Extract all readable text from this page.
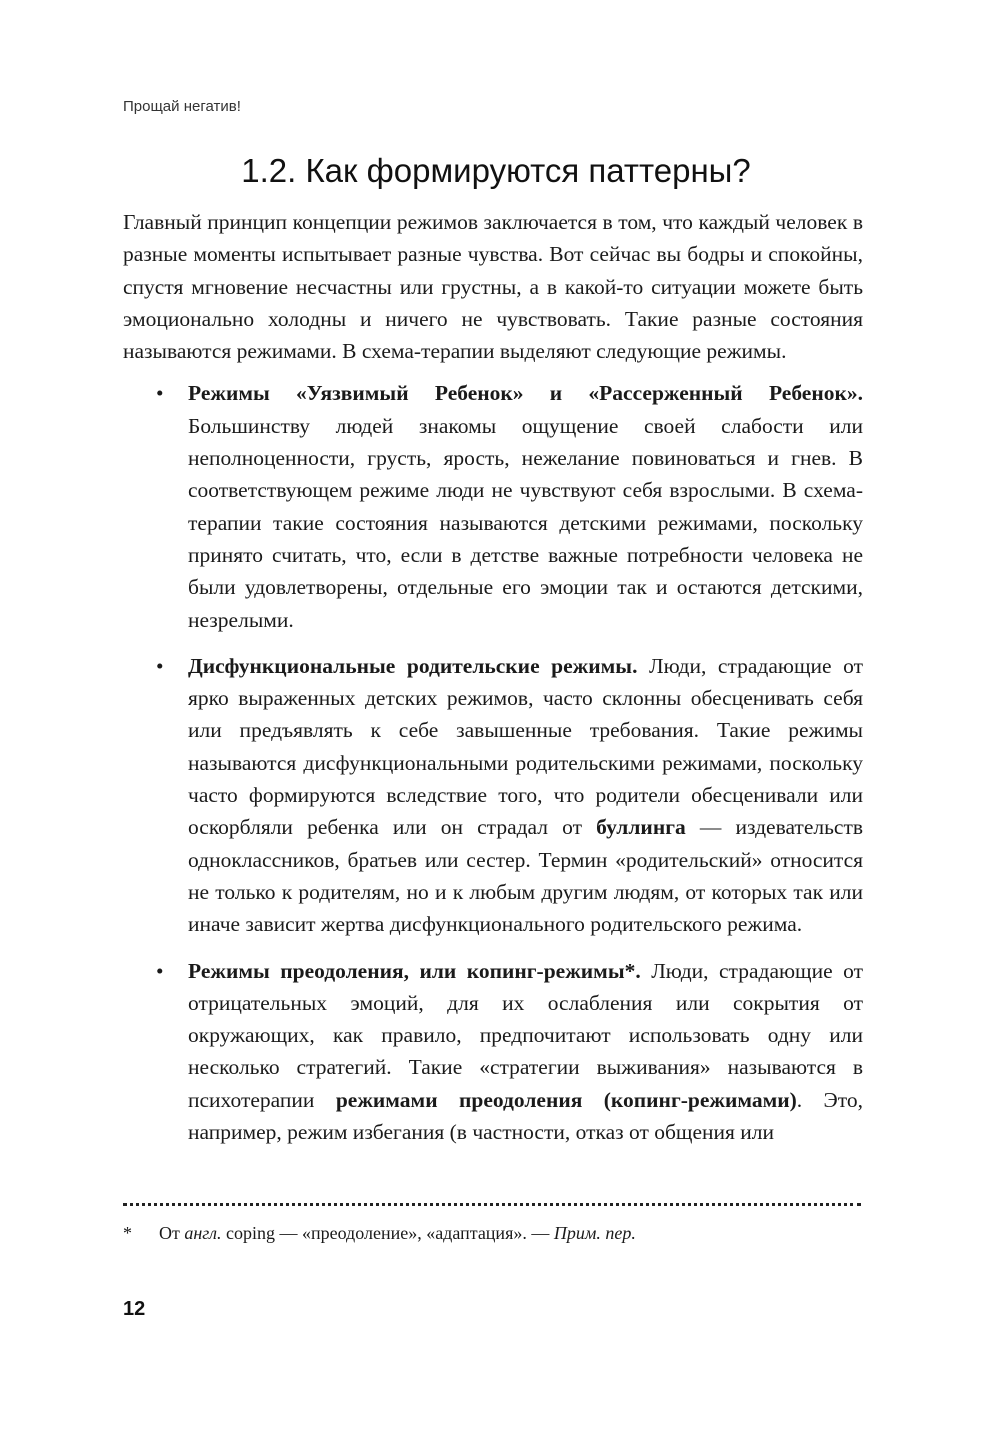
Прощай негатив!
1.2. Как формируются паттерны?

Главный принцип концепции режимов заключается в том, что каждый человек в разные моменты испытывает разные чувства. Вот сейчас вы бодры и спокойны, спустя мгновение несчастны или грустны, а в какой-то ситуации можете быть эмоционально холодны и ничего не чувствовать. Такие разные состояния называются режимами. В схема-терапии выделяют следующие режимы.

• Режимы «Уязвимый Ребенок» и «Рассерженный Ребенок». Большинству людей знакомы ощущение своей слабости или неполноценности, грусть, ярость, нежелание повиноваться и гнев. В соответствующем режиме люди не чувствуют себя взрослыми. В схема-терапии такие состояния называются детскими режимами, поскольку принято считать, что, если в детстве важные потребности человека не были удовлетворены, отдельные его эмоции так и остаются детскими, незрелыми.
• Дисфункциональные родительские режимы. Люди, страдающие от ярко выраженных детских режимов, часто склонны обесценивать себя или предъявлять к себе завышенные требования. Такие режимы называются дисфункциональными родительскими режимами, поскольку часто формируются вследствие того, что родители обесценивали или оскорбляли ребенка или он страдал от буллинга — издевательств одноклассников, братьев или сестер. Термин «родительский» относится не только к родителям, но и к любым другим людям, от которых так или иначе зависит жертва дисфункционального родительского режима.
• Режимы преодоления, или копинг-режимы*. Люди, страдающие от отрицательных эмоций, для их ослабления или сокрытия от окружающих, как правило, предпочитают использовать одну или несколько стратегий. Такие «стратегии выживания» называются в психотерапии режимами преодоления (копинг-режимами). Это, например, режим избегания (в частности, отказ от общения или
* От англ. coping — «преодоление», «адаптация». — Прим. пер.
12
